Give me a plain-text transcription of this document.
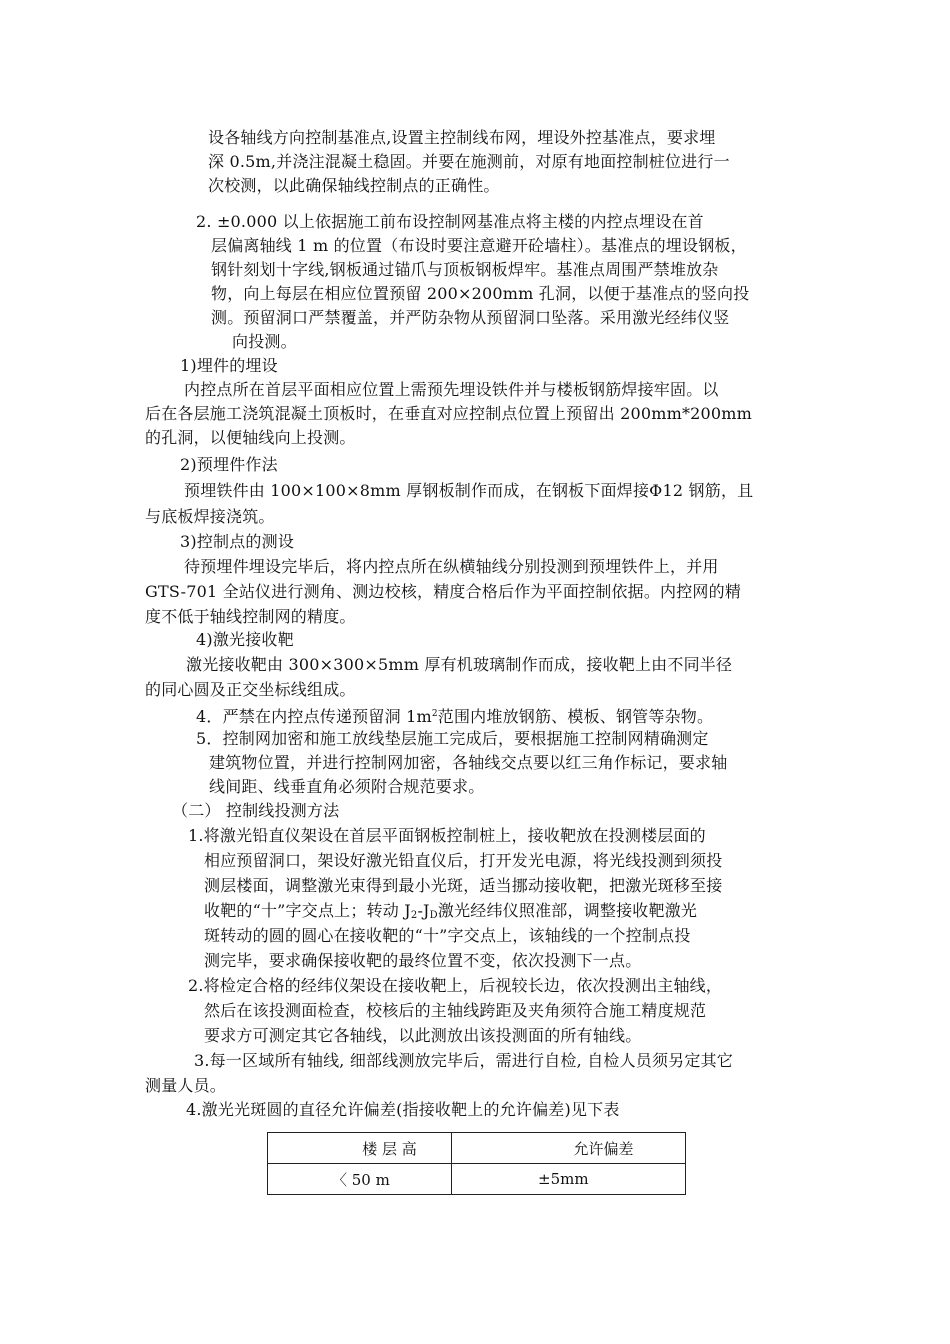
设各轴线方向控制基准点,设置主控制线布网，埋设外控基准点，要求埋
深 0.5m,并浇注混凝土稳固。并要在施测前，对原有地面控制桩位进行一
次校测，以此确保轴线控制点的正确性。
2. ±0.000 以上依据施工前布设控制网基准点将主楼的内控点埋设在首
层偏离轴线 1 m 的位置（布设时要注意避开砼墙柱）。基准点的埋设钢板，
钢针刻划十字线,钢板通过锚爪与顶板钢板焊牢。基准点周围严禁堆放杂
物，向上每层在相应位置预留 200×200mm 孔洞，以便于基准点的竖向投
测。预留洞口严禁覆盖，并严防杂物从预留洞口坠落。采用激光经纬仪竖
向投测。
1)埋件的埋设
内控点所在首层平面相应位置上需预先埋设铁件并与楼板钢筋焊接牢固。以
后在各层施工浇筑混凝土顶板时，在垂直对应控制点位置上预留出 200mm*200mm
的孔洞，以便轴线向上投测。
2)预埋件作法
预埋铁件由 100×100×8mm 厚钢板制作而成，在钢板下面焊接Φ12 钢筋，且
与底板焊接浇筑。
3)控制点的测设
待预埋件埋设完毕后，将内控点所在纵横轴线分别投测到预埋铁件上，并用
GTS-701 全站仪进行测角、测边校核，精度合格后作为平面控制依据。内控网的精
度不低于轴线控制网的精度。
4)激光接收靶
激光接收靶由 300×300×5mm 厚有机玻璃制作而成，接收靶上由不同半径
的同心圆及正交坐标线组成。
4．严禁在内控点传递预留洞 $1m^2$范围内堆放钢筋、模板、钢管等杂物。
5．控制网加密和施工放线垫层施工完成后，要根据施工控制网精确测定
建筑物位置，并进行控制网加密，各轴线交点要以红三角作标记，要求轴
线间距、线垂直角必须附合规范要求。
（二） 控制线投测方法
1.将激光铅直仪架设在首层平面钢板控制桩上，接收靶放在投测楼层面的
相应预留洞口，架设好激光铅直仪后，打开发光电源，将光线投测到须投
测层楼面，调整激光束得到最小光斑，适当挪动接收靶，把激光斑移至接
收靶的“十”字交点上；转动 $J_2-J_D$激光经纬仪照准部，调整接收靶激光
斑转动的圆的圆心在接收靶的“十”字交点上，该轴线的一个控制点投
测完毕，要求确保接收靶的最终位置不变，依次投测下一点。
2.将检定合格的经纬仪架设在接收靶上，后视较长边，依次投测出主轴线，
然后在该投测面检查，校核后的主轴线跨距及夹角须符合施工精度规范
要求方可测定其它各轴线，以此测放出该投测面的所有轴线。
3.每一区域所有轴线, 细部线测放完毕后，需进行自检, 自检人员须另定其它
测量人员。
4.激光光斑圆的直径允许偏差(指接收靶上的允许偏差)见下表
楼 层 高	允许偏差
〈 50 m	±5mm
